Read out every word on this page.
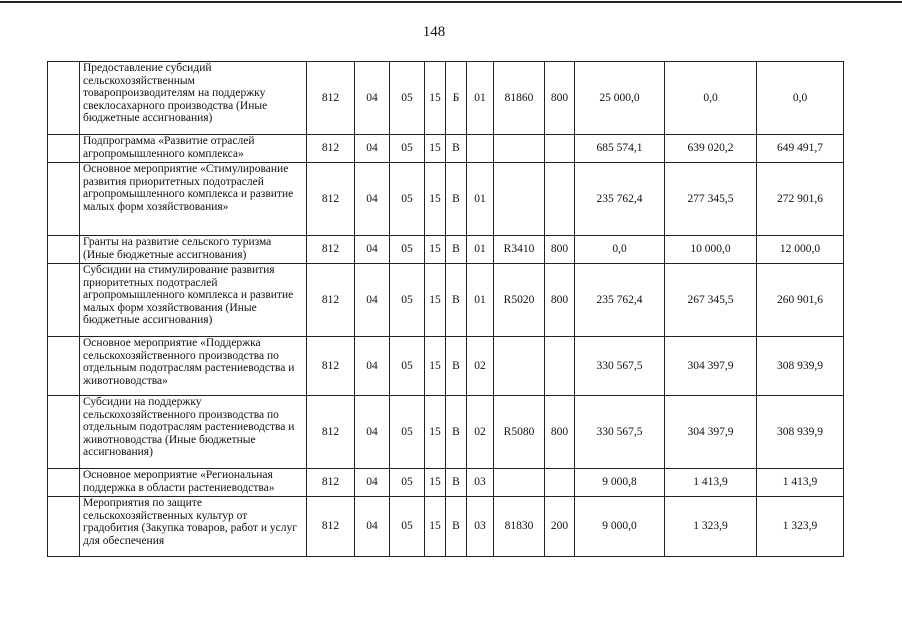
148
	Предоставление субсидий сельскохозяйственным товаропроизводителям на поддержку свеклосахарного производства (Иные бюджетные ассигнования)	812	04	05	15	Б	01	81860	800	25 000,0	0,0	0,0
	Подпрограмма «Развитие отраслей агропромышленного комплекса»	812	04	05	15	В				685 574,1	639 020,2	649 491,7
	Основное мероприятие «Стимулирование развития приоритетных подотраслей агропромышленного комплекса и развитие малых форм хозяйствования»	812	04	05	15	В	01			235 762,4	277 345,5	272 901,6
	Гранты на развитие сельского туризма (Иные бюджетные ассигнования)	812	04	05	15	В	01	R3410	800	0,0	10 000,0	12 000,0
	Субсидии на стимулирование развития приоритетных подотраслей агропромышленного комплекса и развитие малых форм хозяйствования (Иные бюджетные ассигнования)	812	04	05	15	В	01	R5020	800	235 762,4	267 345,5	260 901,6
	Основное мероприятие «Поддержка сельскохозяйственного производства по отдельным подотраслям растениеводства и животноводства»	812	04	05	15	В	02			330 567,5	304 397,9	308 939,9
	Субсидии на поддержку сельскохозяйственного производства по отдельным подотраслям растениеводства и животноводства (Иные бюджетные ассигнования)	812	04	05	15	В	02	R5080	800	330 567,5	304 397,9	308 939,9
	Основное мероприятие «Региональная поддержка в области растениеводства»	812	04	05	15	В	03			9 000,8	1 413,9	1 413,9
	Мероприятия по защите сельскохозяйственных культур от градобития (Закупка товаров, работ и услуг для обеспечения	812	04	05	15	В	03	81830	200	9 000,0	1 323,9	1 323,9
